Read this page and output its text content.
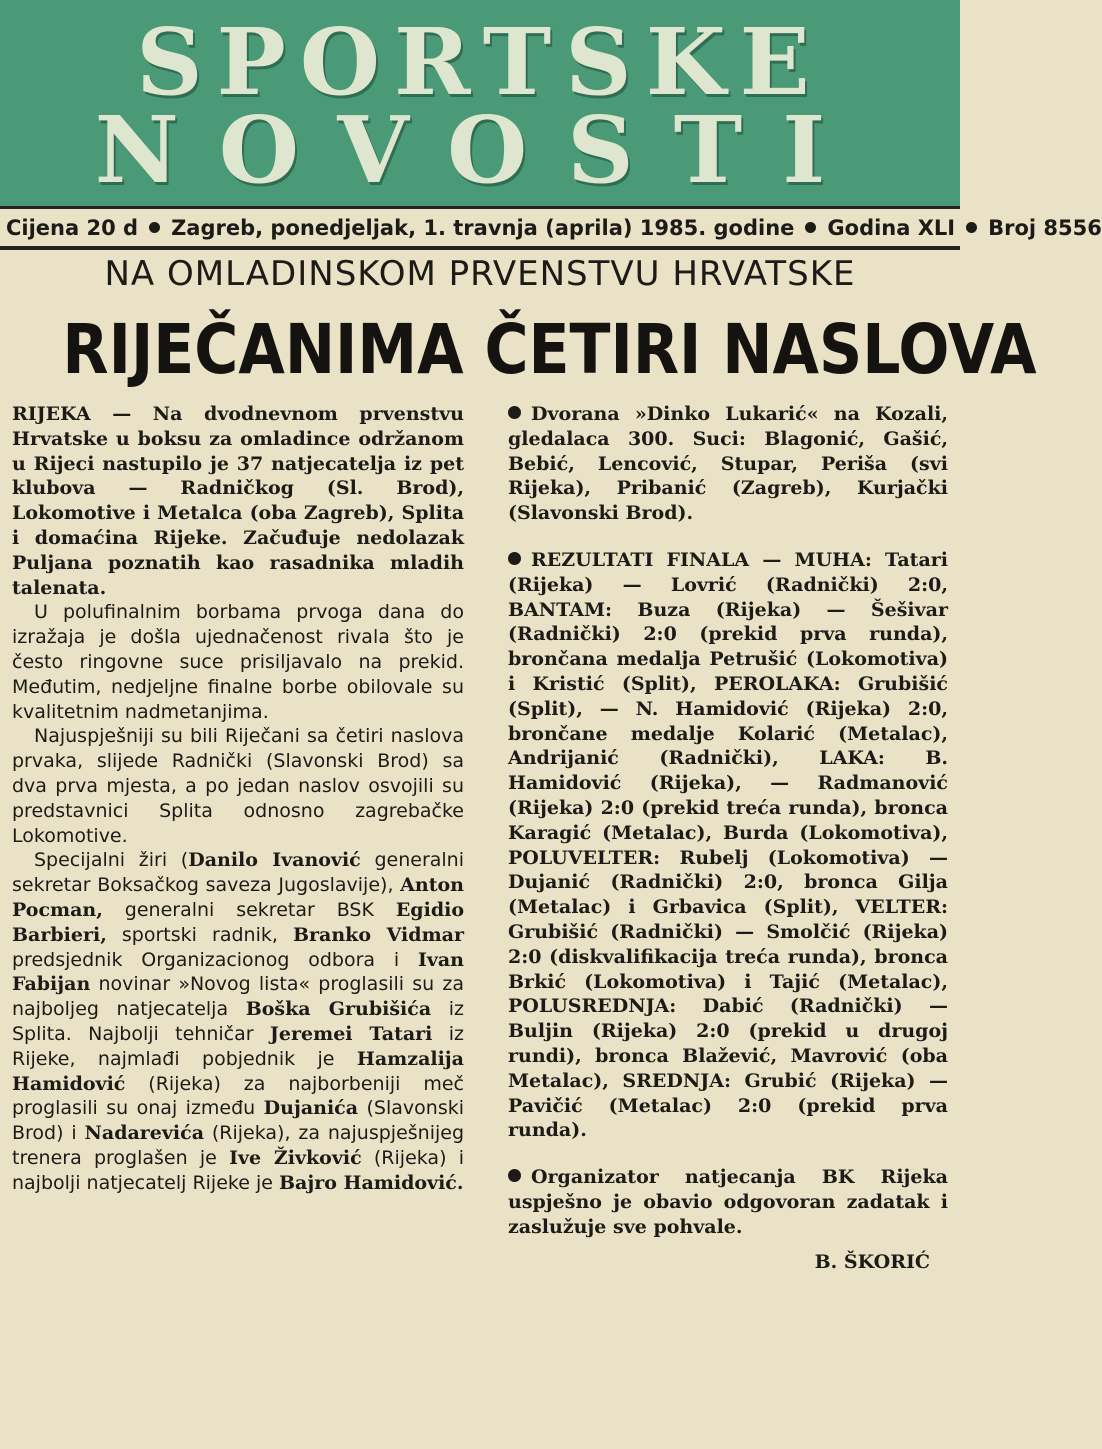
SPORTSKE
NOVOSTI
Cijena 20 d Zagreb, ponedjeljak, 1. travnja (aprila) 1985. godine Godina XLI Broj 8556
NA OMLADINSKOM PRVENSTVU HRVATSKE
RIJEČANIMA ČETIRI NASLOVA

RIJEKA — Na dvodnevnom prvenstvu Hrvatske u boksu za omladince održanom u Rijeci nastupilo je 37 natjecatelja iz pet klubova — Radničkog (Sl. Brod), Lokomotive i Metalca (oba Zagreb), Splita i domaćina Rijeke. Začuđuje nedolazak Puljana poznatih kao rasadnika mladih talenata.

U polufinalnim borbama prvoga dana do izražaja je došla ujednačenost rivala što je često ringovne suce prisiljavalo na prekid. Međutim, nedjeljne finalne borbe obilovale su kvalitetnim nadmetanjima.

Najuspješniji su bili Riječani sa četiri naslova prvaka, slijede Radnički (Slavonski Brod) sa dva prva mjesta, a po jedan naslov osvojili su predstavnici Splita odnosno zagrebačke Lokomotive.

Specijalni žiri (Danilo Ivanović generalni sekretar Boksačkog saveza Jugoslavije), Anton Pocman, generalni sekretar BSK Egidio Barbieri, sportski radnik, Branko Vidmar predsjednik Organizacionog odbora i Ivan Fabijan novinar »Novog lista« proglasili su za najboljeg natjecatelja Boška Grubišića iz Splita. Najbolji tehničar Jeremei Tatari iz Rijeke, najmlađi pobjednik je Hamzalija Hamidović (Rijeka) za najborbeniji meč proglasili su onaj između Dujanića (Slavonski Brod) i Nadarevića (Rijeka), za najuspješnijeg trenera proglašen je Ive Živković (Rijeka) i najbolji natjecatelj Rijeke je Bajro Hamidović.

Dvorana »Dinko Lukarić« na Kozali, gledalaca 300. Suci: Blagonić, Gašić, Bebić, Lencović, Stupar, Periša (svi Rijeka), Pribanić (Zagreb), Kurjački (Slavonski Brod).

REZULTATI FINALA — MUHA: Tatari (Rijeka) — Lovrić (Radnički) 2:0, BANTAM: Buza (Rijeka) — Šešivar (Radnički) 2:0 (prekid prva runda), brončana medalja Petrušić (Lokomotiva) i Kristić (Split), PEROLAKA: Grubišić (Split), — N. Hamidović (Rijeka) 2:0, brončane medalje Kolarić (Metalac), Andrijanić (Radnički), LAKA: B. Hamidović (Rijeka), — Radmanović (Rijeka) 2:0 (prekid treća runda), bronca Karagić (Metalac), Burda (Lokomotiva), POLUVELTER: Rubelj (Lokomotiva) — Dujanić (Radnički) 2:0, bronca Gilja (Metalac) i Grbavica (Split), VELTER: Grubišić (Radnički) — Smolčić (Rijeka) 2:0 (diskvalifikacija treća runda), bronca Brkić (Lokomotiva) i Tajić (Metalac), POLUSREDNJA: Dabić (Radnički) — Buljin (Rijeka) 2:0 (prekid u drugoj rundi), bronca Blažević, Mavrović (oba Metalac), SREDNJA: Grubić (Rijeka) — Pavičić (Metalac) 2:0 (prekid prva runda).

Organizator natjecanja BK Rijeka uspješno je obavio odgovoran zadatak i zaslužuje sve pohvale.

B. ŠKORIĆ
